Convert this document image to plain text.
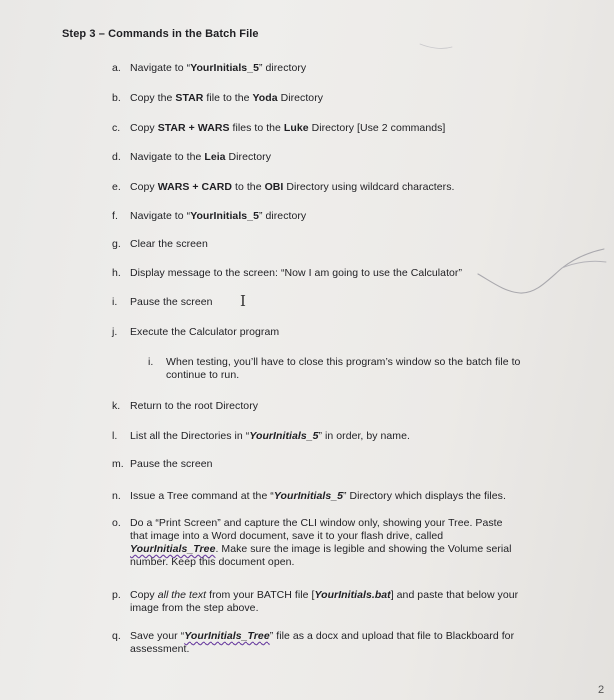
Step 3 – Commands in the Batch File
a. Navigate to “YourInitials_5” directory
b. Copy the STAR file to the Yoda Directory
c. Copy STAR + WARS files to the Luke Directory [Use 2 commands]
d. Navigate to the Leia Directory
e. Copy WARS + CARD to the OBI Directory using wildcard characters.
f.	Navigate to “YourInitials_5” directory
g. Clear the screen
h. Display message to the screen: “Now I am going to use the Calculator”
i.	Pause the screen I
j.	Execute the Calculator program
i.	When testing, you’ll have to close this program’s window so the batch file to
continue to run.
k. Return to the root Directory
l.	List all the Directories in “YourInitials_5” in order, by name.
m. Pause the screen
n. Issue a Tree command at the “YourInitials_5” Directory which displays the files.
o. Do a “Print Screen” and capture the CLI window only, showing your Tree. Paste
that image into a Word document, save it to your flash drive, called
YourInitials_Tree. Make sure the image is legible and showing the Volume serial
number. Keep this document open.
p. Copy all the text from your BATCH file [YourInitials.bat] and paste that below your
image from the step above.
q. Save your “YourInitials_Tree” file as a docx and upload that file to Blackboard for
assessment.
2
